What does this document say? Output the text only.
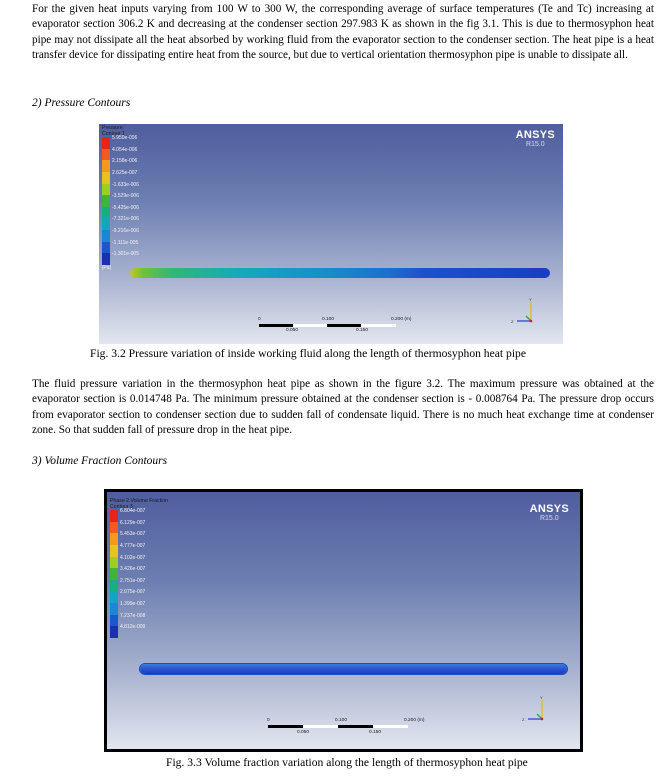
For the given heat inputs varying from 100 W to 300 W, the corresponding average of surface temperatures (Te and Tc) increasing at evaporator section 306.2 K and decreasing at the condenser section 297.983 K as shown in the fig 3.1. This is due to thermosyphon heat pipe may not dissipate all the heat absorbed by working fluid from the evaporator section to the condenser section. The heat pipe is a heat transfer device for dissipating entire heat from the source, but due to vertical orientation thermosyphon pipe is unable to dissipate all.

2) Pressure Contours

Pressure
Contour 1
5.950e-006
4.054e-006
2.158e-006
2.625e-007
-1.633e-006
-3.529e-006
-5.425e-006
-7.321e-006
-9.216e-006
-1.111e-005
-1.301e-005
[Pa]
ANSYS
R15.0
0	0.100	0.200 (m)
0.050	0.150
Y
Z

Fig. 3.2 Pressure variation of inside working fluid along the length of thermosyphon heat pipe

The fluid pressure variation in the thermosyphon heat pipe as shown in the figure 3.2. The maximum pressure was obtained at the evaporator section is 0.014748 Pa. The minimum pressure obtained at the condenser section is - 0.008764 Pa. The pressure drop occurs from evaporator section to condenser section due to sudden fall of condensate liquid. There is no much heat exchange time at condenser zone. So that sudden fall of pressure drop in the heat pipe.

3) Volume Fraction Contours

Phase 2.Volume Fraction
Contour 3
6.804e-007
6.129e-007
5.453e-007
4.777e-007
4.102e-007
3.426e-007
2.751e-007
2.075e-007
1.399e-007
7.237e-008
4.812e-009
ANSYS
R15.0
0	0.100	0.200 (m)
0.050	0.150
Y
Z

Fig. 3.3 Volume fraction variation along the length of thermosyphon heat pipe
